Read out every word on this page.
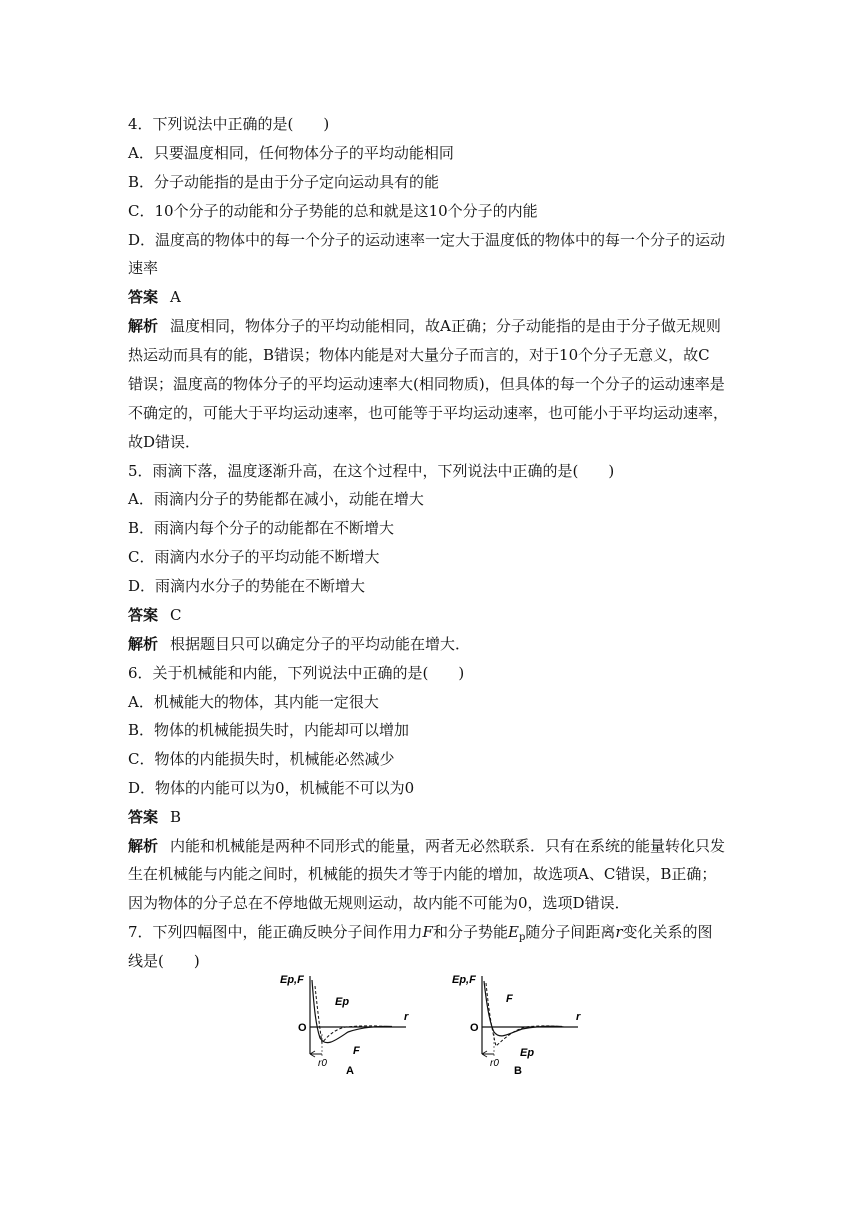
4．下列说法中正确的是(　　)
A．只要温度相同，任何物体分子的平均动能相同
B．分子动能指的是由于分子定向运动具有的能
C．10个分子的动能和分子势能的总和就是这10个分子的内能
D．温度高的物体中的每一个分子的运动速率一定大于温度低的物体中的每一个分子的运动
速率
答案 A
解析 温度相同，物体分子的平均动能相同，故A正确；分子动能指的是由于分子做无规则
热运动而具有的能，B错误；物体内能是对大量分子而言的，对于10个分子无意义，故C
错误；温度高的物体分子的平均运动速率大(相同物质)，但具体的每一个分子的运动速率是
不确定的，可能大于平均运动速率，也可能等于平均运动速率，也可能小于平均运动速率，
故D错误．
5．雨滴下落，温度逐渐升高，在这个过程中，下列说法中正确的是(　　)
A．雨滴内分子的势能都在减小，动能在增大
B．雨滴内每个分子的动能都在不断增大
C．雨滴内水分子的平均动能不断增大
D．雨滴内水分子的势能在不断增大
答案 C
解析 根据题目只可以确定分子的平均动能在增大．
6．关于机械能和内能，下列说法中正确的是(　　)
A．机械能大的物体，其内能一定很大
B．物体的机械能损失时，内能却可以增加
C．物体的内能损失时，机械能必然减少
D．物体的内能可以为0，机械能不可以为0
答案 B
解析 内能和机械能是两种不同形式的能量，两者无必然联系．只有在系统的能量转化只发
生在机械能与内能之间时，机械能的损失才等于内能的增加，故选项A、C错误，B正确；
因为物体的分子总在不停地做无规则运动，故内能不可能为0，选项D错误．
7．下列四幅图中，能正确反映分子间作用力F和分子势能$E_p$随分子间距离r变化关系的图
线是(　　)
Ep,F
O
r
r0
Ep
F
A
Ep,F
O
r
r0
F
Ep
B
